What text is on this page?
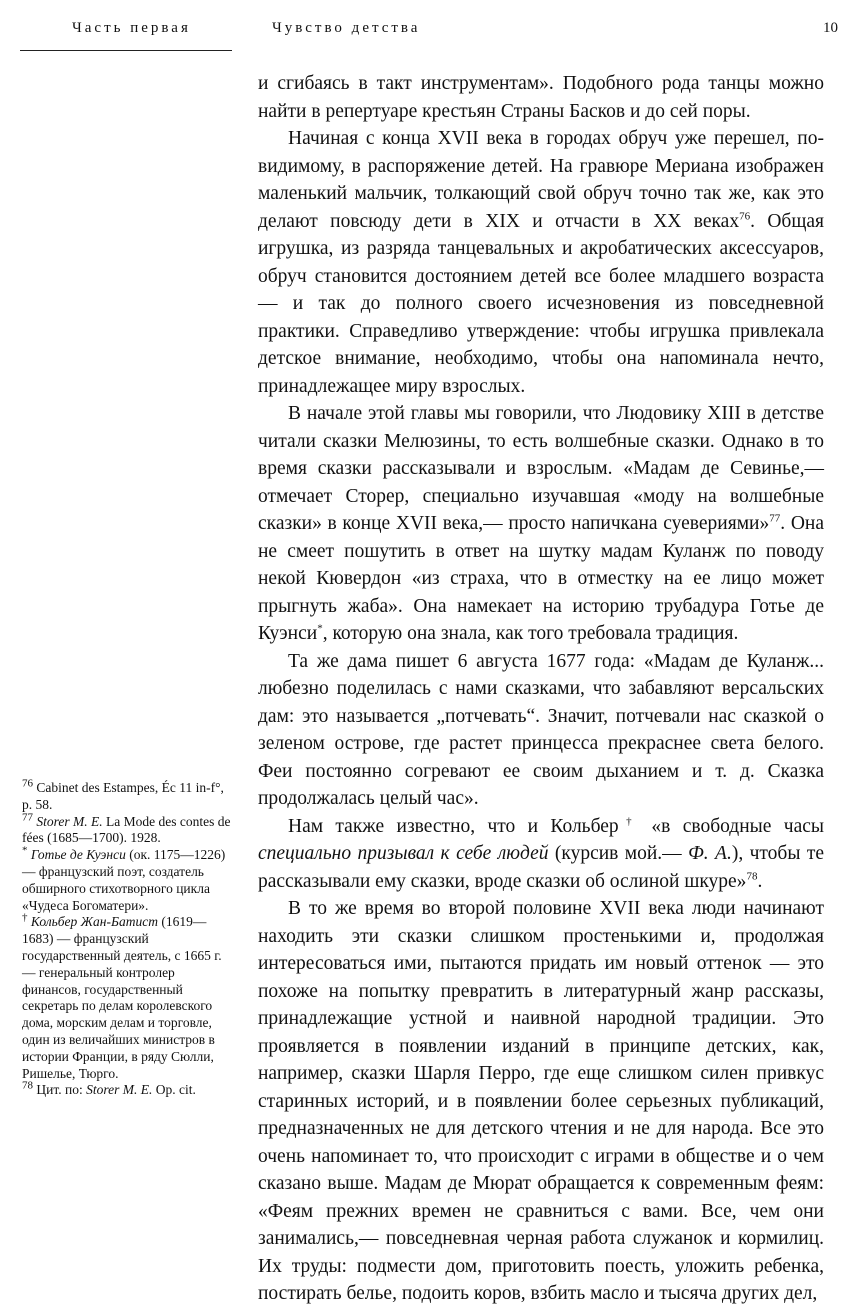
Часть первая	Чувство детства	10

и сгибаясь в такт инструментам». Подобного рода танцы можно найти в репертуаре крестьян Страны Басков и до сей поры.

Начиная с конца XVII века в городах обруч уже перешел, по-видимому, в распоряжение детей. На гравюре Мериана изображен маленький мальчик, толкающий свой обруч точно так же, как это делают повсюду дети в XIX и отчасти в XX веках$^{76}$. Общая игрушка, из разряда танцевальных и акробатических аксессуаров, обруч становится достоянием детей все более младшего возраста — и так до полного своего исчезновения из повседневной практики. Справедливо утверждение: чтобы игрушка привлекала детское внимание, необходимо, чтобы она напоминала нечто, принадлежащее миру взрослых.

В начале этой главы мы говорили, что Людовику XIII в детстве читали сказки Мелюзины, то есть волшебные сказки. Однако в то время сказки рассказывали и взрослым. «Мадам де Севинье,— отмечает Сторер, специально изучавшая «моду на волшебные сказки» в конце XVII века,— просто напичкана суевериями»$^{77}$. Она не смеет пошутить в ответ на шутку мадам Куланж по поводу некой Кювердон «из страха, что в отместку на ее лицо может прыгнуть жаба». Она намекает на историю трубадура Готье де Куэнси*, которую она знала, как того требовала традиция.

Та же дама пишет 6 августа 1677 года: «Мадам де Куланж... любезно поделилась с нами сказками, что забавляют версальских дам: это называется „потчевать“. Значит, потчевали нас сказкой о зеленом острове, где растет принцесса прекраснее света белого. Феи постоянно согревают ее своим дыханием и т. д. Сказка продолжалась целый час».

Нам также известно, что и Кольбер† «в свободные часы специально призывал к себе людей (курсив мой.— Ф. А.), чтобы те рассказывали ему сказки, вроде сказки об ослиной шкуре»$^{78}$.

В то же время во второй половине XVII века люди начинают находить эти сказки слишком простенькими и, продолжая интересоваться ими, пытаются придать им новый оттенок — это похоже на попытку превратить в литературный жанр рассказы, принадлежащие устной и наивной народной традиции. Это проявляется в появлении изданий в принципе детских, как, например, сказки Шарля Перро, где еще слишком силен привкус старинных историй, и в появлении более серьезных публикаций, предназначенных не для детского чтения и не для народа. Все это очень напоминает то, что происходит с играми в обществе и о чем сказано выше. Мадам де Мюрат обращается к современным феям: «Феям прежних времен не сравниться с вами. Все, чем они занимались,— повседневная черная работа служанок и кормилиц. Их труды: подмести дом, приготовить поесть, уложить ребенка, постирать белье, подоить коров, взбить масло и тысяча других дел,

$^{76}$ Cabinet des Estampes, Éc 11 in-f°, p. 58.

$^{77}$ Storer M. E. La Mode des contes de fées (1685—1700). 1928.

* Готье де Куэнси (ок. 1175—1226) — французский поэт, создатель обширного стихотворного цикла «Чудеса Богоматери».

† Кольбер Жан-Батист (1619—1683) — французский государственный деятель, с 1665 г. — генеральный контролер финансов, государственный секретарь по делам королевского дома, морским делам и торговле, один из величайших министров в истории Франции, в ряду Сюлли, Ришелье, Тюрго.

$^{78}$ Цит. по: Storer M. E. Op. cit.
